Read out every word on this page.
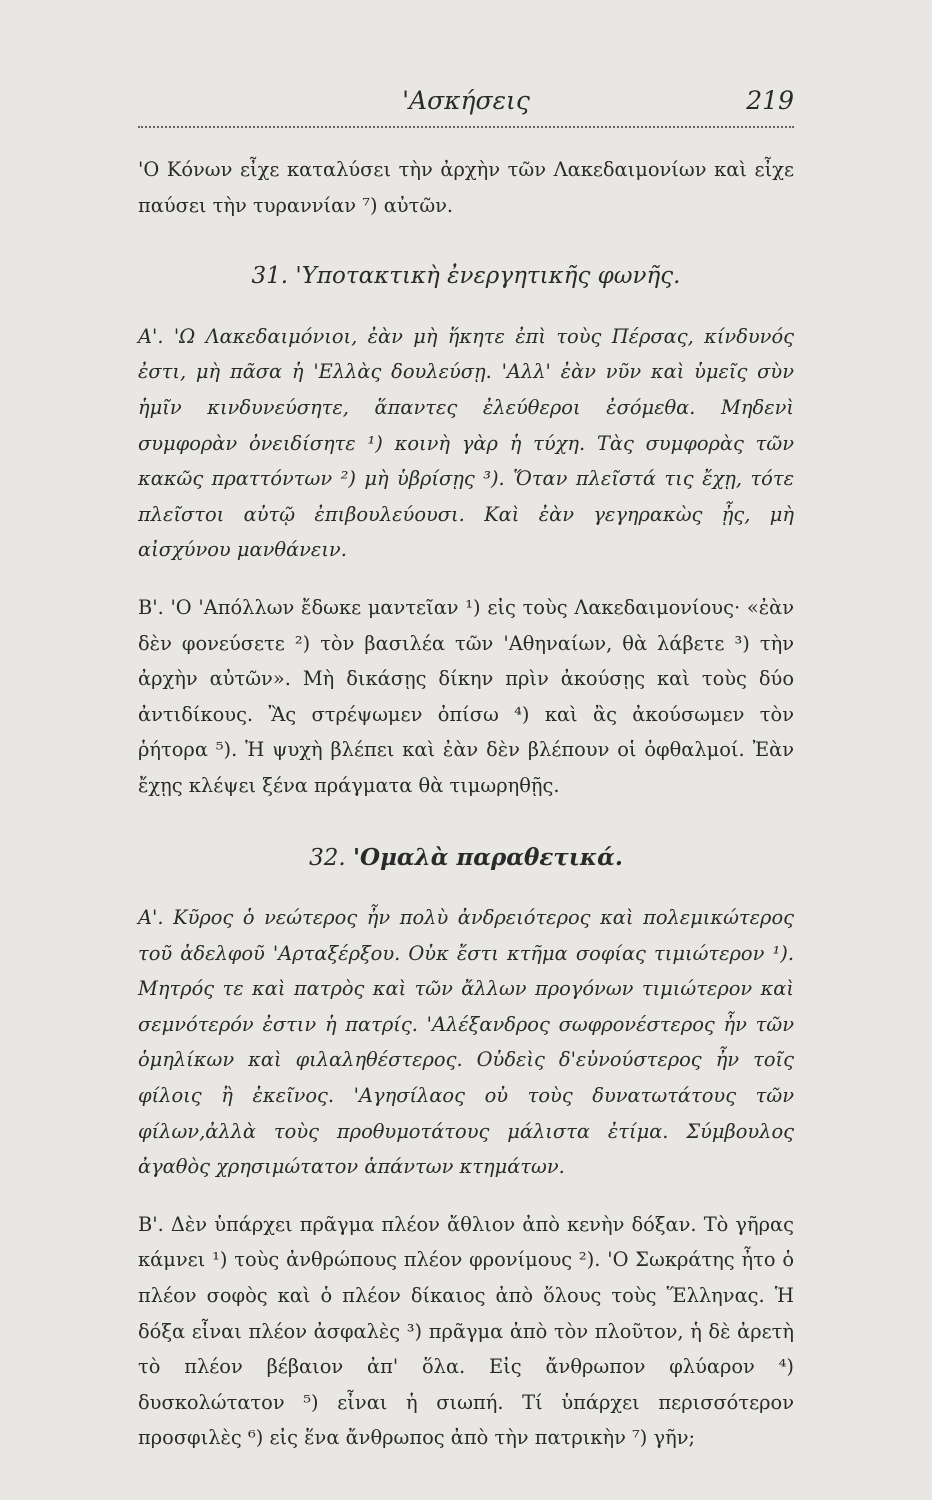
'Ασκήσεις	219

'Ο Κόνων εἶχε καταλύσει τὴν ἀρχὴν τῶν Λακεδαιμονίων καὶ εἶχε παύσει τὴν τυραννίαν ⁷) αὐτῶν.

31. 'Υποτακτικὴ ἐνεργητικῆς φωνῆς.

Α'. 'Ω Λακεδαιμόνιοι, ἐὰν μὴ ἥκητε ἐπὶ τοὺς Πέρσας, κίνδυνός ἐστι, μὴ πᾶσα ἡ 'Ελλὰς δουλεύσῃ. 'Αλλ' ἐὰν νῦν καὶ ὑμεῖς σὺν ἡμῖν κινδυνεύσητε, ἅπαντες ἐλεύθεροι ἐσόμεθα. Μηδενὶ συμφορὰν ὀνειδίσητε ¹) κοινὴ γὰρ ἡ τύχη. Τὰς συμφορὰς τῶν κακῶς πραττόντων ²) μὴ ὑβρίσῃς ³). Ὅταν πλεῖστά τις ἔχῃ, τότε πλεῖστοι αὐτῷ ἐπιβουλεύουσι. Καὶ ἐὰν γεγηρακὼς ᾖς, μὴ αἰσχύνου μανθάνειν.

Β'. 'Ο 'Απόλλων ἔδωκε μαντεῖαν ¹) εἰς τοὺς Λακεδαιμονίους· «ἐὰν δὲν φονεύσετε ²) τὸν βασιλέα τῶν 'Αθηναίων, θὰ λάβετε ³) τὴν ἀρχὴν αὐτῶν». Μὴ δικάσῃς δίκην πρὶν ἀκούσῃς καὶ τοὺς δύο ἀντιδίκους. Ἂς στρέψωμεν ὀπίσω ⁴) καὶ ἂς ἀκούσωμεν τὸν ῥήτορα ⁵). Ἡ ψυχὴ βλέπει καὶ ἐὰν δὲν βλέπουν οἱ ὀφθαλμοί. Ἐὰν ἔχῃς κλέψει ξένα πράγματα θὰ τιμωρηθῇς.

32. 'Ομαλὰ παραθετικά.

Α'. Κῦρος ὁ νεώτερος ἦν πολὺ ἀνδρειότερος καὶ πολεμικώτερος τοῦ ἀδελφοῦ 'Αρταξέρξου. Οὐκ ἔστι κτῆμα σοφίας τιμιώτερον ¹). Μητρός τε καὶ πατρὸς καὶ τῶν ἄλλων προγόνων τιμιώτερον καὶ σεμνότερόν ἐστιν ἡ πατρίς. 'Αλέξανδρος σωφρονέστερος ἦν τῶν ὁμηλίκων καὶ φιλαληθέστερος. Οὐδεὶς δ'εὐνούστερος ἦν τοῖς φίλοις ἢ ἐκεῖνος. 'Αγησίλαος οὐ τοὺς δυνατωτάτους τῶν φίλων,ἀλλὰ τοὺς προθυμοτάτους μάλιστα ἐτίμα. Σύμβουλος ἀγαθὸς χρησιμώτατον ἁπάντων κτημάτων.

Β'. Δὲν ὑπάρχει πρᾶγμα πλέον ἄθλιον ἀπὸ κενὴν δόξαν. Τὸ γῆρας κάμνει ¹) τοὺς ἀνθρώπους πλέον φρονίμους ²). 'Ο Σωκράτης ἦτο ὁ πλέον σοφὸς καὶ ὁ πλέον δίκαιος ἀπὸ ὅλους τοὺς Ἕλληνας. Ἡ δόξα εἶναι πλέον ἀσφαλὲς ³) πρᾶγμα ἀπὸ τὸν πλοῦτον, ἡ δὲ ἀρετὴ τὸ πλέον βέβαιον ἀπ' ὅλα. Εἰς ἄνθρωπον φλύαρον ⁴) δυσκολώτατον ⁵) εἶναι ἡ σιωπή. Τί ὑπάρχει περισσότερον προσφιλὲς ⁶) εἰς ἕνα ἄνθρωπος ἀπὸ τὴν πατρικὴν ⁷) γῆν;
